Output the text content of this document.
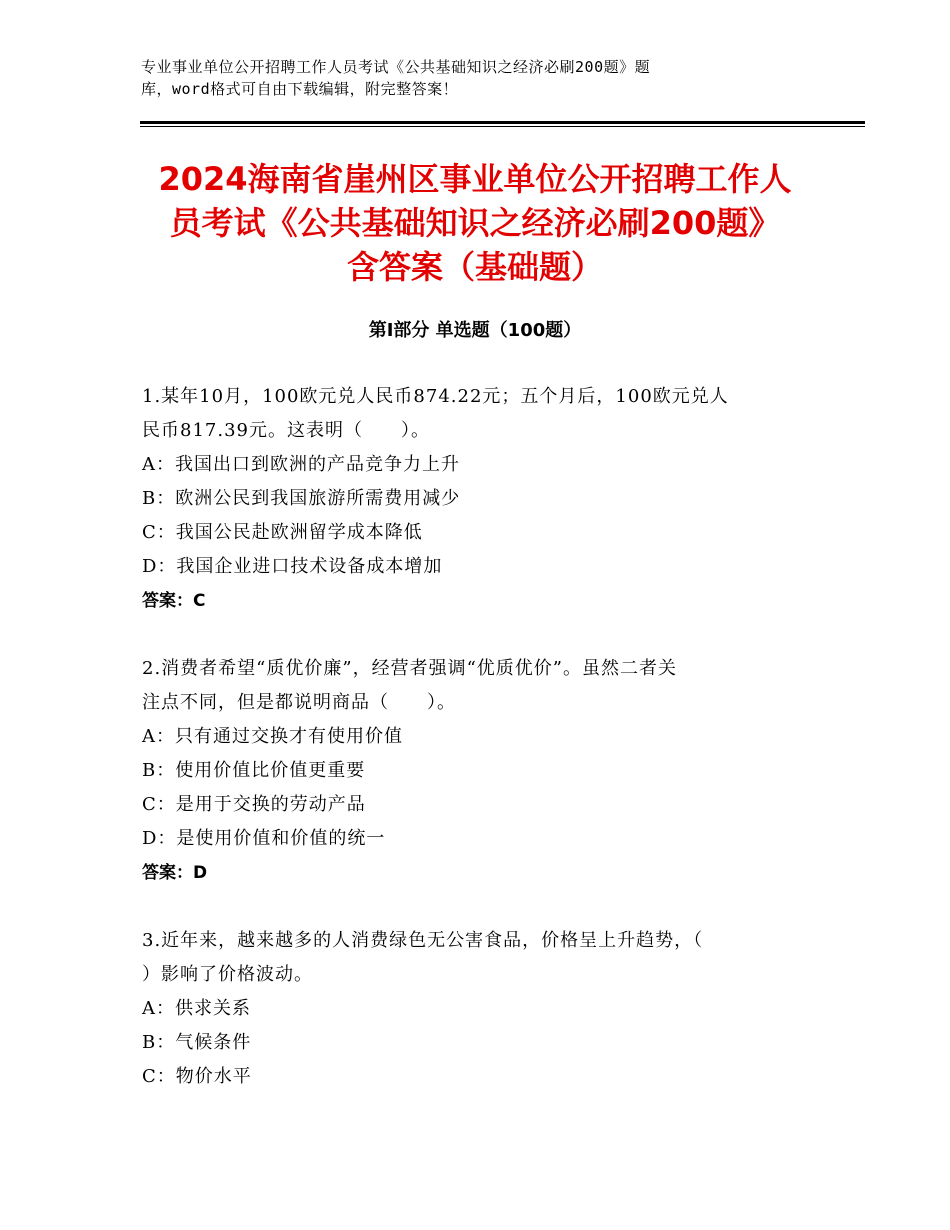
专业事业单位公开招聘工作人员考试《公共基础知识之经济必刷200题》题
库，word格式可自由下载编辑，附完整答案！
2024海南省崖州区事业单位公开招聘工作人
员考试《公共基础知识之经济必刷200题》
含答案（基础题）
第Ⅰ部分 单选题（100题）
1.某年10月，100欧元兑人民币874.22元；五个月后，100欧元兑人
民币817.39元。这表明（　　）。
A：我国出口到欧洲的产品竞争力上升
B：欧洲公民到我国旅游所需费用减少
C：我国公民赴欧洲留学成本降低
D：我国企业进口技术设备成本增加
答案：C
2.消费者希望“质优价廉”，经营者强调“优质优价”。虽然二者关
注点不同，但是都说明商品（　　）。
A：只有通过交换才有使用价值
B：使用价值比价值更重要
C：是用于交换的劳动产品
D：是使用价值和价值的统一
答案：D
3.近年来，越来越多的人消费绿色无公害食品，价格呈上升趋势，（
）影响了价格波动。
A：供求关系
B：气候条件
C：物价水平
